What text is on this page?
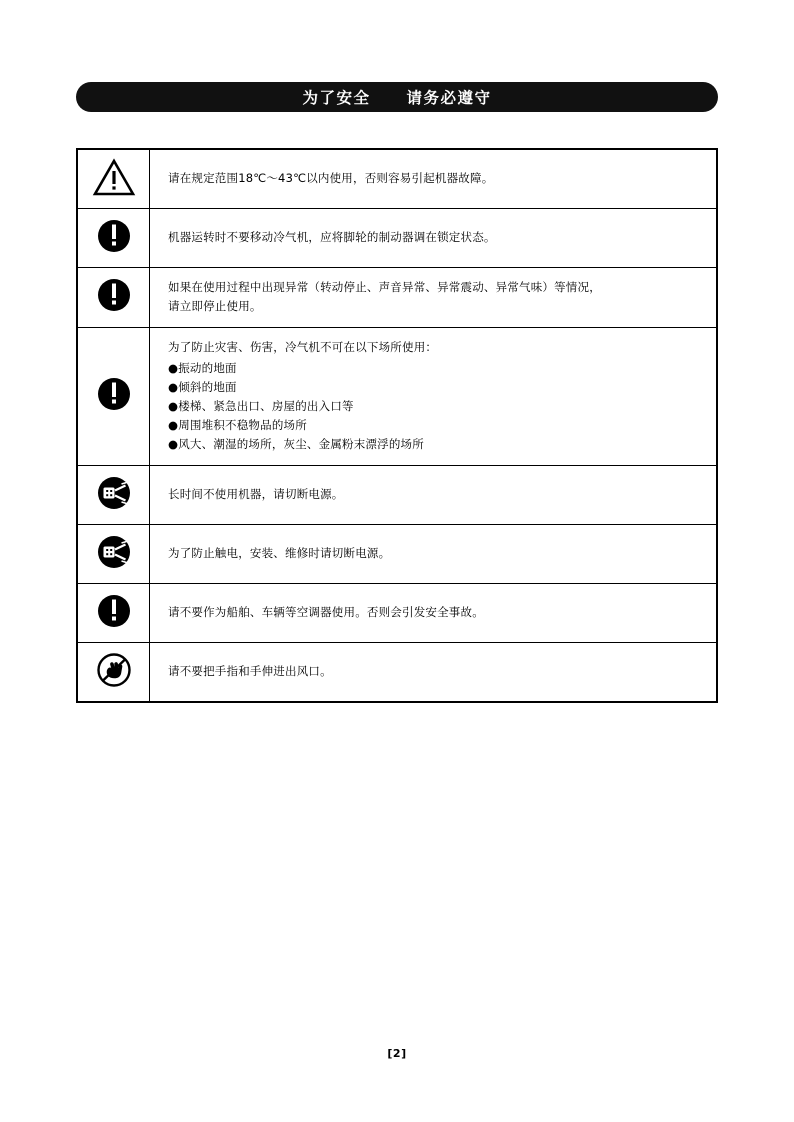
为了安全 请务必遵守

请在规定范围18℃～43℃以内使用，否则容易引起机器故障。

机器运转时不要移动冷气机，应将脚轮的制动器调在锁定状态。

如果在使用过程中出现异常（转动停止、声音异常、异常震动、异常气味）等情况，
请立即停止使用。

为了防止灾害、伤害，冷气机不可在以下场所使用：
●振动的地面
●倾斜的地面
●楼梯、紧急出口、房屋的出入口等
●周围堆积不稳物品的场所
●风大、潮湿的场所，灰尘、金属粉末漂浮的场所

长时间不使用机器，请切断电源。

为了防止触电，安装、维修时请切断电源。

请不要作为船舶、车辆等空调器使用。否则会引发安全事故。

请不要把手指和手伸进出风口。
[2]
